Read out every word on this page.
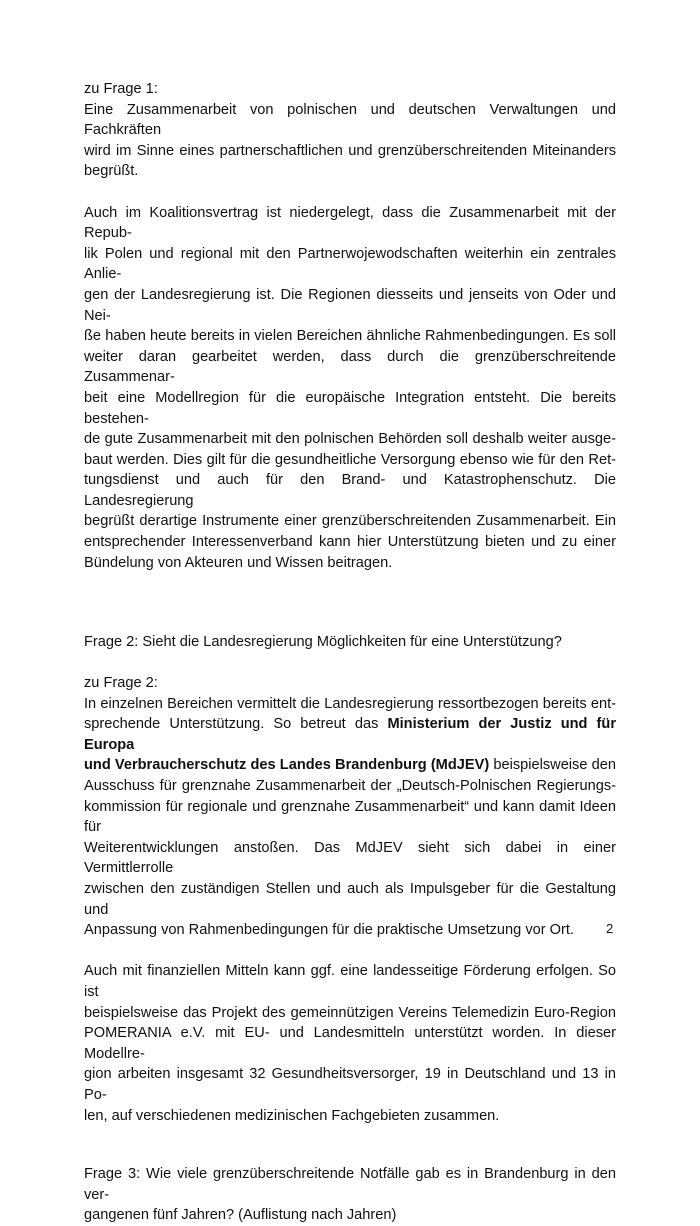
zu Frage 1:
Eine Zusammenarbeit von polnischen und deutschen Verwaltungen und Fachkräften
wird im Sinne eines partnerschaftlichen und grenzüberschreitenden Miteinanders
begrüßt.
Auch im Koalitionsvertrag ist niedergelegt, dass die Zusammenarbeit mit der Repub-
lik Polen und regional mit den Partnerwojewodschaften weiterhin ein zentrales Anlie-
gen der Landesregierung ist. Die Regionen diesseits und jenseits von Oder und Nei-
ße haben heute bereits in vielen Bereichen ähnliche Rahmenbedingungen. Es soll
weiter daran gearbeitet werden, dass durch die grenzüberschreitende Zusammenar-
beit eine Modellregion für die europäische Integration entsteht. Die bereits bestehen-
de gute Zusammenarbeit mit den polnischen Behörden soll deshalb weiter ausge-
baut werden. Dies gilt für die gesundheitliche Versorgung ebenso wie für den Ret-
tungsdienst und auch für den Brand- und Katastrophenschutz. Die Landesregierung
begrüßt derartige Instrumente einer grenzüberschreitenden Zusammenarbeit. Ein
entsprechender Interessenverband kann hier Unterstützung bieten und zu einer
Bündelung von Akteuren und Wissen beitragen.
Frage 2: Sieht die Landesregierung Möglichkeiten für eine Unterstützung?
zu Frage 2:
In einzelnen Bereichen vermittelt die Landesregierung ressortbezogen bereits ent-
sprechende Unterstützung. So betreut das Ministerium der Justiz und für Europa
und Verbraucherschutz des Landes Brandenburg (MdJEV) beispielsweise den
Ausschuss für grenznahe Zusammenarbeit der „Deutsch-Polnischen Regierungs-
kommission für regionale und grenznahe Zusammenarbeit“ und kann damit Ideen für
Weiterentwicklungen anstoßen. Das MdJEV sieht sich dabei in einer Vermittlerrolle
zwischen den zuständigen Stellen und auch als Impulsgeber für die Gestaltung und
Anpassung von Rahmenbedingungen für die praktische Umsetzung vor Ort.
Auch mit finanziellen Mitteln kann ggf. eine landesseitige Förderung erfolgen. So ist
beispielsweise das Projekt des gemeinnützigen Vereins Telemedizin Euro-Region
POMERANIA e.V. mit EU- und Landesmitteln unterstützt worden. In dieser Modellre-
gion arbeiten insgesamt 32 Gesundheitsversorger, 19 in Deutschland und 13 in Po-
len, auf verschiedenen medizinischen Fachgebieten zusammen.
Frage 3: Wie viele grenzüberschreitende Notfälle gab es in Brandenburg in den ver-
gangenen fünf Jahren? (Auflistung nach Jahren)
2
